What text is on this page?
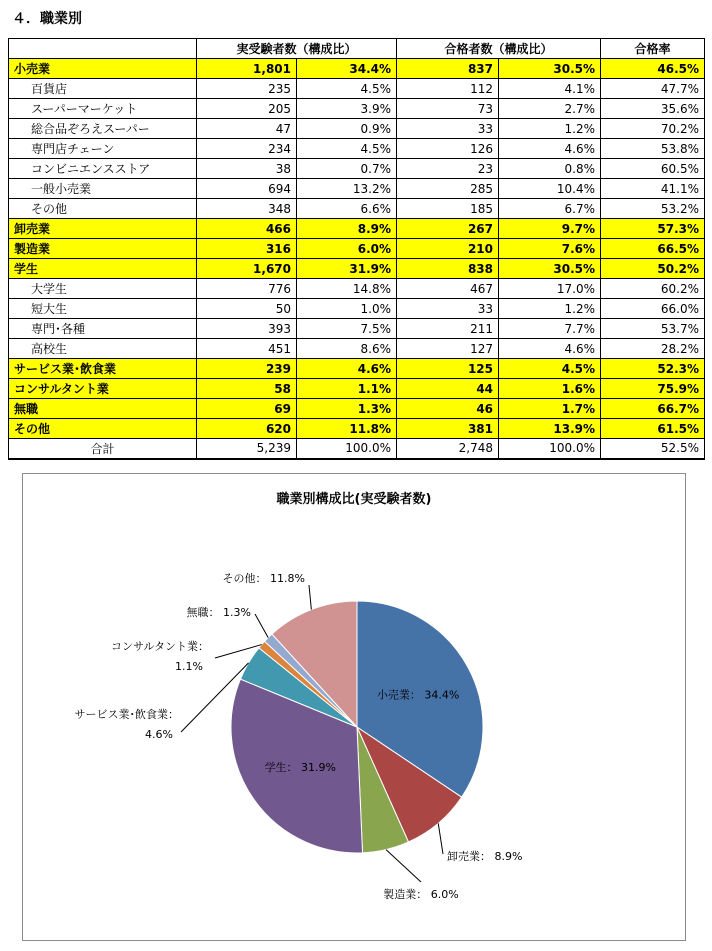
４．職業別
	実受験者数（構成比）		合格者数（構成比）		合格率
小売業	1,801	34.4%	837	30.5%	46.5%
百貨店	235	4.5%	112	4.1%	47.7%
スーパーマーケット	205	3.9%	73	2.7%	35.6%
総合品ぞろえスーパー	47	0.9%	33	1.2%	70.2%
専門店チェーン	234	4.5%	126	4.6%	53.8%
コンビニエンスストア	38	0.7%	23	0.8%	60.5%
一般小売業	694	13.2%	285	10.4%	41.1%
その他	348	6.6%	185	6.7%	53.2%
卸売業	466	8.9%	267	9.7%	57.3%
製造業	316	6.0%	210	7.6%	66.5%
学生	1,670	31.9%	838	30.5%	50.2%
大学生	776	14.8%	467	17.0%	60.2%
短大生	50	1.0%	33	1.2%	66.0%
専門･各種	393	7.5%	211	7.7%	53.7%
高校生	451	8.6%	127	4.6%	28.2%
サービス業･飲食業	239	4.6%	125	4.5%	52.3%
コンサルタント業	58	1.1%	44	1.6%	75.9%
無職	69	1.3%	46	1.7%	66.7%
その他	620	11.8%	381	13.9%	61.5%
合計	5,239	100.0%	2,748	100.0%	52.5%
職業別構成比(実受験者数)
小売業： 34.4%
卸売業： 8.9%
製造業： 6.0%
学生： 31.9%
サービス業･飲食業：
4.6%
コンサルタント業：
1.1%
無職： 1.3%
その他： 11.8%
